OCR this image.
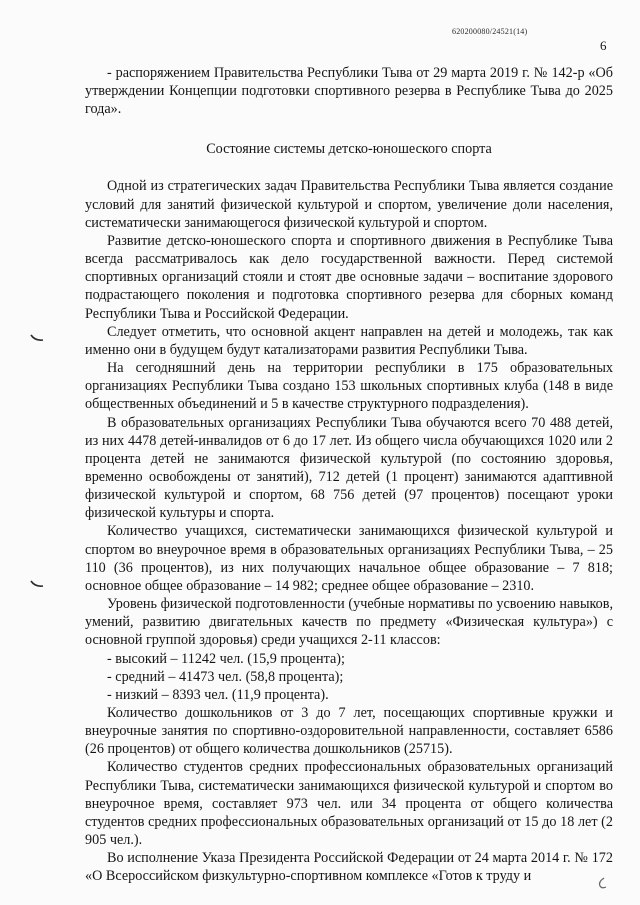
620200080/24521(14)
6

- распоряжением Правительства Республики Тыва от 29 марта 2019 г. № 142-р «Об утверждении Концепции подготовки спортивного резерва в Республике Тыва до 2025 года».

Состояние системы детско-юношеского спорта

Одной из стратегических задач Правительства Республики Тыва является создание условий для занятий физической культурой и спортом, увеличение доли населения, систематически занимающегося физической культурой и спортом.

Развитие детско-юношеского спорта и спортивного движения в Республике Тыва всегда рассматривалось как дело государственной важности. Перед системой спортивных организаций стояли и стоят две основные задачи – воспитание здорового подрастающего поколения и подготовка спортивного резерва для сборных команд Республики Тыва и Российской Федерации.

Следует отметить, что основной акцент направлен на детей и молодежь, так как именно они в будущем будут катализаторами развития Республики Тыва.

На сегодняшний день на территории республики в 175 образовательных организациях Республики Тыва создано 153 школьных спортивных клуба (148 в виде общественных объединений и 5 в качестве структурного подразделения).

В образовательных организациях Республики Тыва обучаются всего 70 488 детей, из них 4478 детей-инвалидов от 6 до 17 лет. Из общего числа обучающихся 1020 или 2 процента детей не занимаются физической культурой (по состоянию здоровья, временно освобождены от занятий), 712 детей (1 процент) занимаются адаптивной физической культурой и спортом, 68 756 детей (97 процентов) посещают уроки физической культуры и спорта.

Количество учащихся, систематически занимающихся физической культурой и спортом во внеурочное время в образовательных организациях Республики Тыва, – 25 110 (36 процентов), из них получающих начальное общее образование – 7 818; основное общее образование – 14 982; среднее общее образование – 2310.

Уровень физической подготовленности (учебные нормативы по усвоению навыков, умений, развитию двигательных качеств по предмету «Физическая культура») с основной группой здоровья) среди учащихся 2-11 классов:

- высокий – 11242 чел. (15,9 процента);

- средний – 41473 чел. (58,8 процента);

- низкий – 8393 чел. (11,9 процента).

Количество дошкольников от 3 до 7 лет, посещающих спортивные кружки и внеурочные занятия по спортивно-оздоровительной направленности, составляет 6586 (26 процентов) от общего количества дошкольников (25715).

Количество студентов средних профессиональных образовательных организаций Республики Тыва, систематически занимающихся физической культурой и спортом во внеурочное время, составляет 973 чел. или 34 процента от общего количества студентов средних профессиональных образовательных организаций от 15 до 18 лет (2 905 чел.).

Во исполнение Указа Президента Российской Федерации от 24 марта 2014 г. № 172 «О Всероссийском физкультурно-спортивном комплексе «Готов к труду и
